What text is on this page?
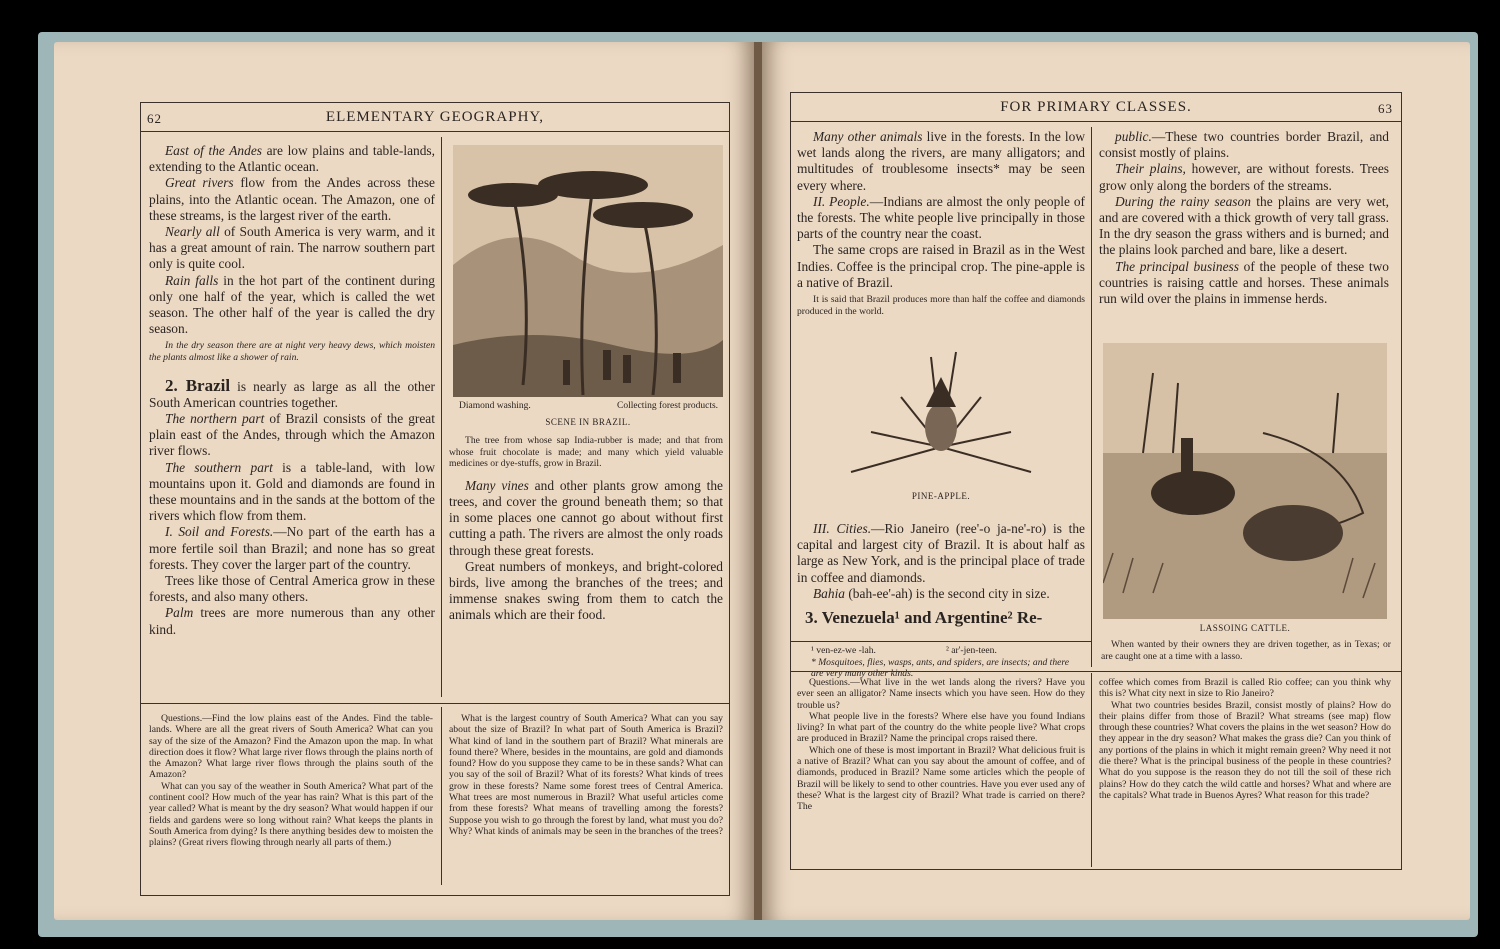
62	ELEMENTARY GEOGRAPHY,

East of the Andes are low plains and table-lands, extending to the Atlantic ocean.

Great rivers flow from the Andes across these plains, into the Atlantic ocean. The Amazon, one of these streams, is the largest river of the earth.

Nearly all of South America is very warm, and it has a great amount of rain. The narrow southern part only is quite cool.

Rain falls in the hot part of the continent during only one half of the year, which is called the wet season. The other half of the year is called the dry season.

In the dry season there are at night very heavy dews, which moisten the plants almost like a shower of rain.

2. Brazil is nearly as large as all the other South American countries together.

The northern part of Brazil consists of the great plain east of the Andes, through which the Amazon river flows.

The southern part is a table-land, with low mountains upon it. Gold and diamonds are found in these mountains and in the sands at the bottom of the rivers which flow from them.

I. Soil and Forests.—No part of the earth has a more fertile soil than Brazil; and none has so great forests. They cover the larger part of the country.

Trees like those of Central America grow in these forests, and also many others.

Palm trees are more numerous than any other kind.

Diamond washing.	Collecting forest products.
SCENE IN BRAZIL.

The tree from whose sap India-rubber is made; and that from whose fruit chocolate is made; and many which yield valuable medicines or dye-stuffs, grow in Brazil.

Many vines and other plants grow among the trees, and cover the ground beneath them; so that in some places one cannot go about without first cutting a path. The rivers are almost the only roads through these great forests.

Great numbers of monkeys, and bright-colored birds, live among the branches of the trees; and immense snakes swing from them to catch the animals which are their food.

Questions.—Find the low plains east of the Andes. Find the table-lands. Where are all the great rivers of South America? What can you say of the size of the Amazon? Find the Amazon upon the map. In what direction does it flow? What large river flows through the plains north of the Amazon? What large river flows through the plains south of the Amazon?

What can you say of the weather in South America? What part of the continent cool? How much of the year has rain? What is this part of the year called? What is meant by the dry season? What would happen if our fields and gardens were so long without rain? What keeps the plants in South America from dying? Is there anything besides dew to moisten the plains? (Great rivers flowing through nearly all parts of them.)

What is the largest country of South America? What can you say about the size of Brazil? In what part of South America is Brazil? What kind of land in the southern part of Brazil? What minerals are found there? Where, besides in the mountains, are gold and diamonds found? How do you suppose they came to be in these sands? What can you say of the soil of Brazil? What of its forests? What kinds of trees grow in these forests? Name some forest trees of Central America. What trees are most numerous in Brazil? What useful articles come from these forests? What means of travelling among the forests? Suppose you wish to go through the forest by land, what must you do? Why? What kinds of animals may be seen in the branches of the trees?

FOR PRIMARY CLASSES.	63

Many other animals live in the forests. In the low wet lands along the rivers, are many alligators; and multitudes of troublesome insects* may be seen every where.

II. People.—Indians are almost the only people of the forests. The white people live principally in those parts of the country near the coast.

The same crops are raised in Brazil as in the West Indies. Coffee is the principal crop. The pine-apple is a native of Brazil.

It is said that Brazil produces more than half the coffee and diamonds produced in the world.

PINE-APPLE.

III. Cities.—Rio Janeiro (ree'-o ja-ne'-ro) is the capital and largest city of Brazil. It is about half as large as New York, and is the principal place of trade in coffee and diamonds.

Bahia (bah-ee'-ah) is the second city in size.

3. Venezuela¹ and Argentine² Re-

¹ ven-ez-we -lah.	² ar'-jen-teen.

* Mosquitoes, flies, wasps, ants, and spiders, are insects; and there are very many other kinds.

public.—These two countries border Brazil, and consist mostly of plains.

Their plains, however, are without forests. Trees grow only along the borders of the streams.

During the rainy season the plains are very wet, and are covered with a thick growth of very tall grass. In the dry season the grass withers and is burned; and the plains look parched and bare, like a desert.

The principal business of the people of these two countries is raising cattle and horses. These animals run wild over the plains in immense herds.

LASSOING CATTLE.

When wanted by their owners they are driven together, as in Texas; or are caught one at a time with a lasso.

Questions.—What live in the wet lands along the rivers? Have you ever seen an alligator? Name insects which you have seen. How do they trouble us?

What people live in the forests? Where else have you found Indians living? In what part of the country do the white people live? What crops are produced in Brazil? Name the principal crops raised there.

Which one of these is most important in Brazil? What delicious fruit is a native of Brazil? What can you say about the amount of coffee, and of diamonds, produced in Brazil? Name some articles which the people of Brazil will be likely to send to other countries. Have you ever used any of these? What is the largest city of Brazil? What trade is carried on there? The

coffee which comes from Brazil is called Rio coffee; can you think why this is? What city next in size to Rio Janeiro?

What two countries besides Brazil, consist mostly of plains? How do their plains differ from those of Brazil? What streams (see map) flow through these countries? What covers the plains in the wet season? How do they appear in the dry season? What makes the grass die? Can you think of any portions of the plains in which it might remain green? Why need it not die there? What is the principal business of the people in these countries? What do you suppose is the reason they do not till the soil of these rich plains? How do they catch the wild cattle and horses? What and where are the capitals? What trade in Buenos Ayres? What reason for this trade?
